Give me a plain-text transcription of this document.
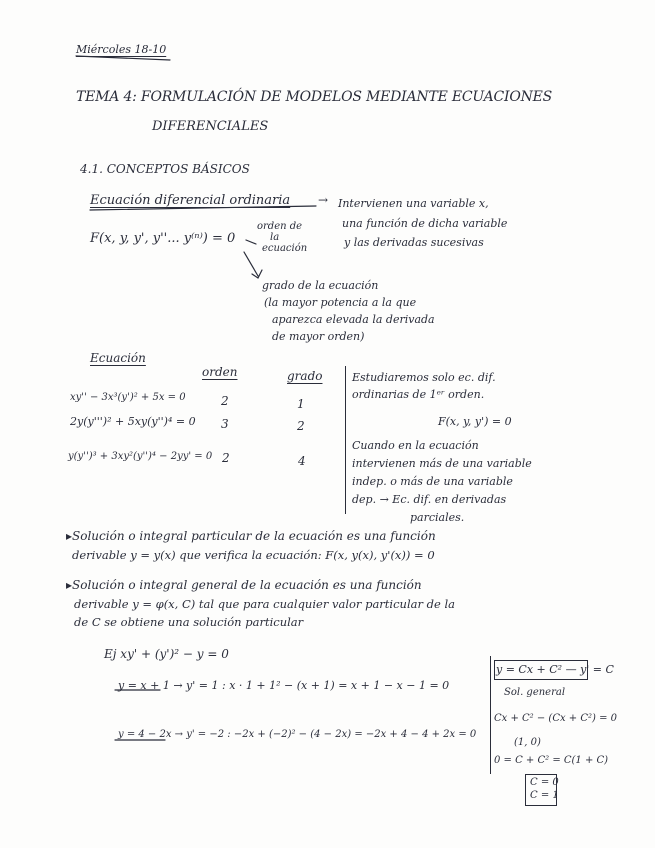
Miércoles 18-10
TEMA 4: FORMULACIÓN DE MODELOS MEDIANTE ECUACIONES
DIFERENCIALES
4.1. CONCEPTOS BÁSICOS
Ecuación diferencial ordinaria → Intervienen una variable x,
una función de dicha variable
y las derivadas sucesivas
F(x, y, y', y''... y⁽ⁿ⁾) = 0
orden de
la
ecuación
grado de la ecuación
(la mayor potencia a la que
aparezca elevada la derivada
de mayor orden)
Ecuación
orden	grado
xy'' − 3x³(y')² + 5x = 0	2	1
2y(y''')² + 5xy(y'')⁴ = 0 3	2
y(y'')³ + 3xy²(y'')⁴ − 2yy' = 0 2	4
Estudiaremos solo ec. dif.
ordinarias de 1ᵉʳ orden.
F(x, y, y') = 0
Cuando en la ecuación
intervienen más de una variable
indep. o más de una variable
dep. → Ec. dif. en derivadas
parciales.
▸Solución o integral particular de la ecuación es una función
derivable y = y(x) que verifica la ecuación: F(x, y(x), y'(x)) = 0
▸Solución o integral general de la ecuación es una función
derivable y = φ(x, C) tal que para cualquier valor particular de la
de C se obtiene una solución particular
Ej xy' + (y')² − y = 0
y = x + 1 → y' = 1 : x · 1 + 1² − (x + 1) = x + 1 − x − 1 = 0
y = 4 − 2x → y' = −2 : −2x + (−2)² − (4 − 2x) = −2x + 4 − 4 + 2x = 0
y = Cx + C² — y' = C
Sol. general
Cx + C² − (Cx + C²) = 0
(1, 0)
0 = C + C² = C(1 + C)
C = 0
C = 1
